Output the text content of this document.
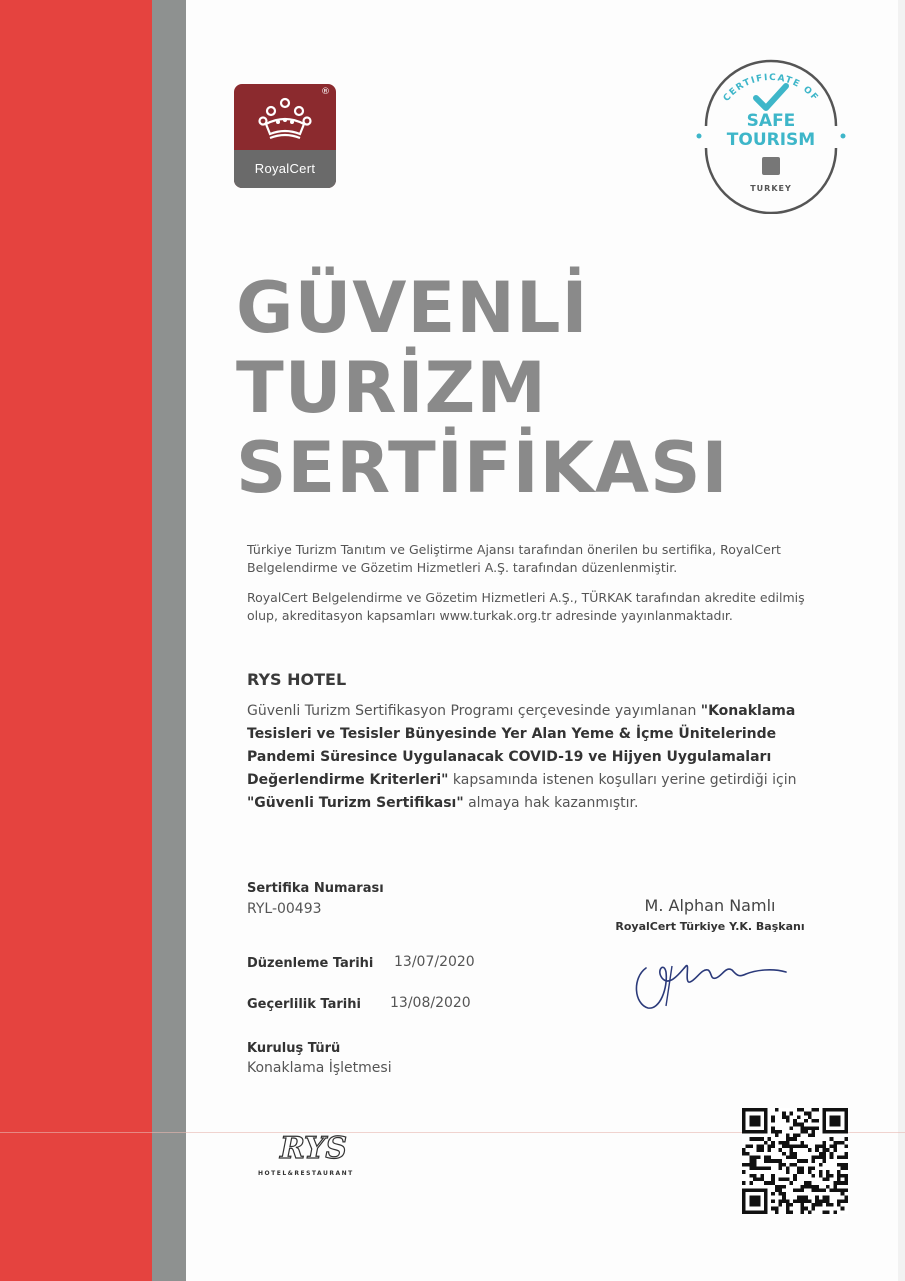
®
RoyalCert
CERTIFICATE OF
SAFE
TOURISM
TURKEY
GÜVENLİ
TURİZM
SERTİFİKASI
Türkiye Turizm Tanıtım ve Geliştirme Ajansı tarafından önerilen bu sertifika, RoyalCert Belgelendirme ve Gözetim Hizmetleri A.Ş. tarafından düzenlenmiştir.
RoyalCert Belgelendirme ve Gözetim Hizmetleri A.Ş., TÜRKAK tarafından akredite edilmiş olup, akreditasyon kapsamları www.turkak.org.tr adresinde yayınlanmaktadır.
RYS HOTEL
Güvenli Turizm Sertifikasyon Programı çerçevesinde yayımlanan "Konaklama Tesisleri ve Tesisler Bünyesinde Yer Alan Yeme & İçme Ünitelerinde Pandemi Süresince Uygulanacak COVID-19 ve Hijyen Uygulamaları Değerlendirme Kriterleri" kapsamında istenen koşulları yerine getirdiği için "Güvenli Turizm Sertifikası" almaya hak kazanmıştır.
Sertifika Numarası
RYL-00493
Düzenleme Tarihi 13/07/2020
Geçerlilik Tarihi 13/08/2020
Kuruluş Türü
Konaklama İşletmesi
M. Alphan Namlı
RoyalCert Türkiye Y.K. Başkanı
RYS
HOTEL&RESTAURANT
